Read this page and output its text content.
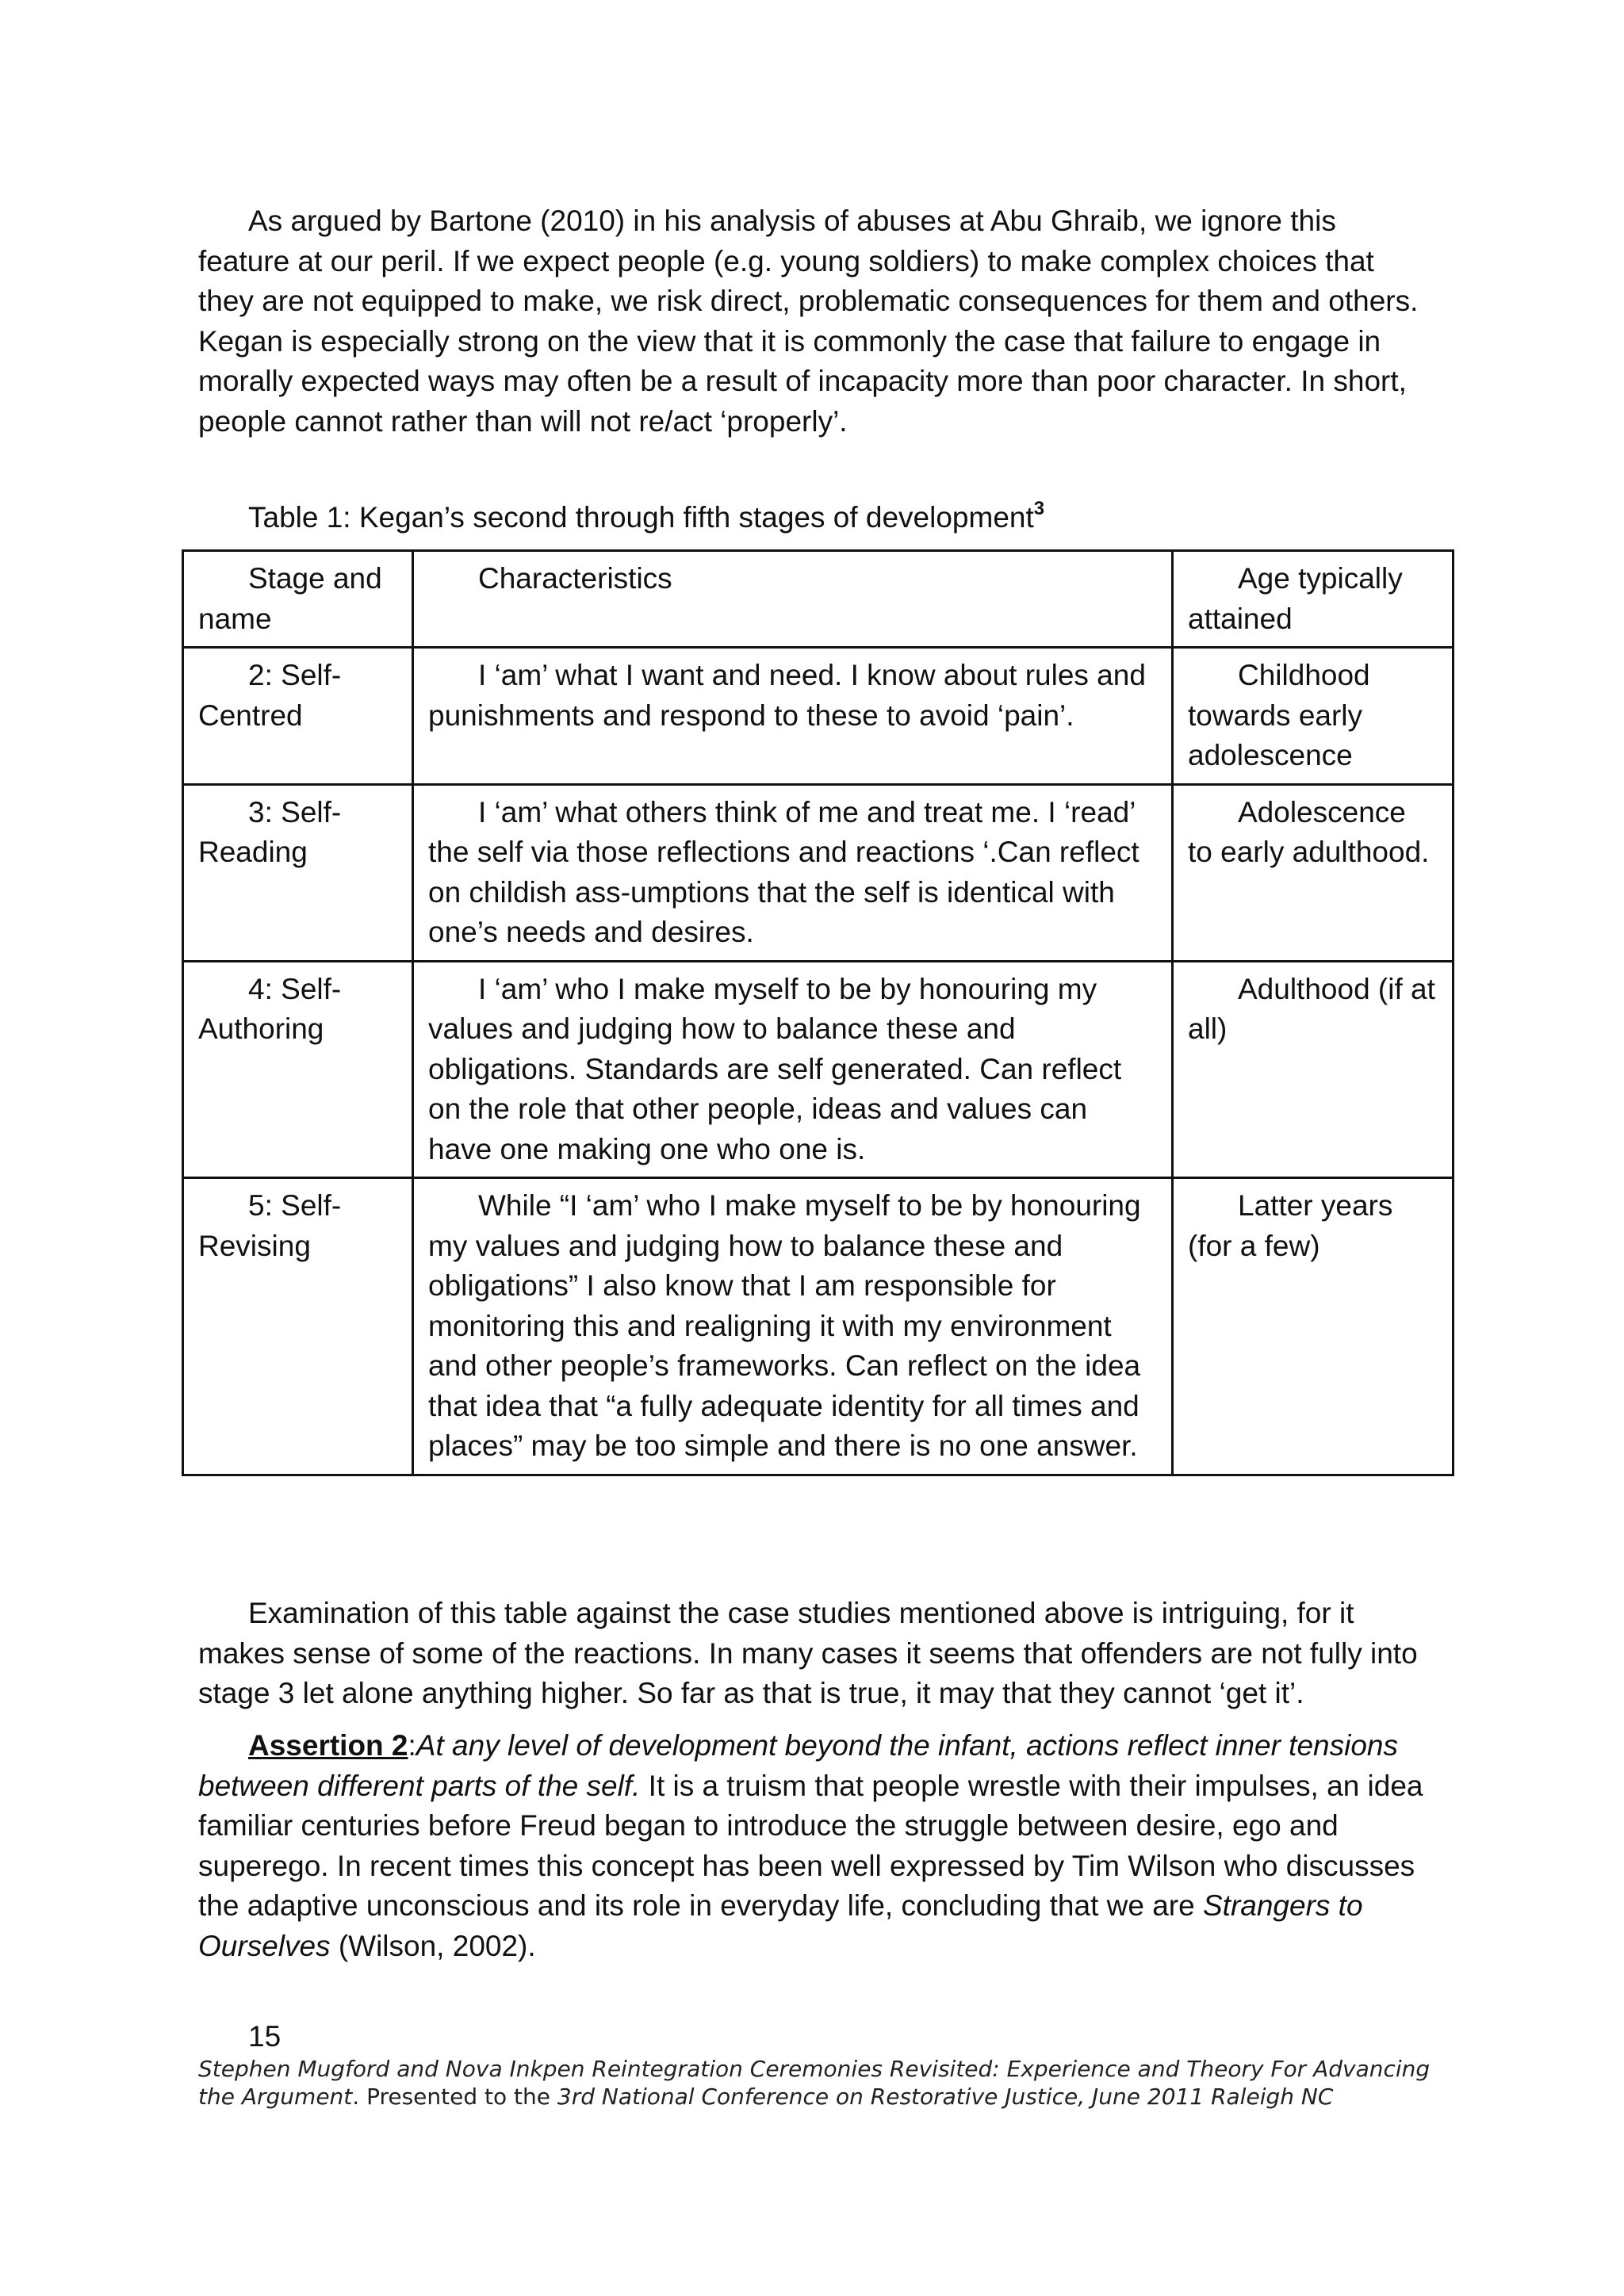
As argued by Bartone (2010) in his analysis of abuses at Abu Ghraib, we ignore this feature at our peril. If we expect people (e.g. young soldiers) to make complex choices that they are not equipped to make, we risk direct, problematic consequences for them and others. Kegan is especially strong on the view that it is commonly the case that failure to engage in morally expected ways may often be a result of incapacity more than poor character. In short, people cannot rather than will not re/act ‘properly’.

Table 1: Kegan’s second through fifth stages of development$^3$

Stage and name	Characteristics	Age typically attained

2: Self-Centred	I ‘am’ what I want and need. I know about rules and punishments and respond to these to avoid ‘pain’.	Childhood towards early adolescence

3: Self-Reading	I ‘am’ what others think of me and treat me. I ‘read’ the self via those reflections and reactions ‘.Can reflect on childish ass-umptions that the self is identical with one’s needs and desires.	Adolescence to early adulthood.

4: Self-Authoring	I ‘am’ who I make myself to be by honouring my values and judging how to balance these and obligations. Standards are self generated. Can reflect on the role that other people, ideas and values can have one making one who one is.	Adulthood (if at all)

5: Self-Revising	While “I ‘am’ who I make myself to be by honouring my values and judging how to balance these and obligations” I also know that I am responsible for monitoring this and realigning it with my environment and other people’s frameworks. Can reflect on the idea that idea that “a fully adequate identity for all times and places” may be too simple and there is no one answer.	Latter years (for a few)

Examination of this table against the case studies mentioned above is intriguing, for it makes sense of some of the reactions. In many cases it seems that offenders are not fully into stage 3 let alone anything higher. So far as that is true, it may that they cannot ‘get it’.

Assertion 2:At any level of development beyond the infant, actions reflect inner tensions between different parts of the self. It is a truism that people wrestle with their impulses, an idea familiar centuries before Freud began to introduce the struggle between desire, ego and superego. In recent times this concept has been well expressed by Tim Wilson who discusses the adaptive unconscious and its role in everyday life, concluding that we are Strangers to Ourselves (Wilson, 2002).

15

Stephen Mugford and Nova Inkpen Reintegration Ceremonies Revisited: Experience and Theory For Advancing the Argument. Presented to the 3rd National Conference on Restorative Justice, June 2011 Raleigh NC
